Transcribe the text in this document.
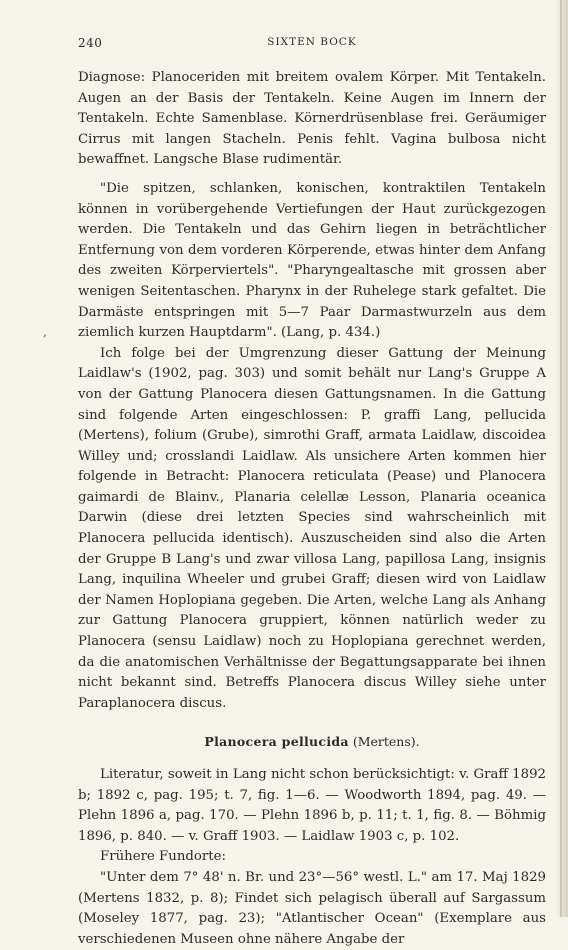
240	SIXTEN BOCK
,

Diagnose: Planoceriden mit breitem ovalem Körper. Mit Tentakeln. Augen an der Basis der Tentakeln. Keine Augen im Innern der Tentakeln. Echte Samenblase. Körnerdrüsenblase frei. Geräumiger Cirrus mit langen Stacheln. Penis fehlt. Vagina bulbosa nicht bewaffnet. Langsche Blase rudimentär.

"Die spitzen, schlanken, konischen, kontraktilen Tentakeln können in vorübergehende Vertiefungen der Haut zurückgezogen werden. Die Tentakeln und das Gehirn liegen in beträchtlicher Entfernung von dem vorderen Körperende, etwas hinter dem Anfang des zweiten Körperviertels". "Pharyngealtasche mit grossen aber wenigen Seitentaschen. Pharynx in der Ruhelege stark gefaltet. Die Darmäste entspringen mit 5—7 Paar Darmastwurzeln aus dem ziemlich kurzen Hauptdarm". (Lang, p. 434.)

Ich folge bei der Umgrenzung dieser Gattung der Meinung Laidlaw's (1902, pag. 303) und somit behält nur Lang's Gruppe A von der Gattung Planocera diesen Gattungsnamen. In die Gattung sind folgende Arten eingeschlossen: P. graffi Lang, pellucida (Mertens), folium (Grube), simrothi Graff, armata Laidlaw, discoidea Willey und; crosslandi Laidlaw. Als unsichere Arten kommen hier folgende in Betracht: Planocera reticulata (Pease) und Planocera gaimardi de Blainv., Planaria celellæ Lesson, Planaria oceanica Darwin (diese drei letzten Species sind wahrscheinlich mit Planocera pellucida identisch). Auszuscheiden sind also die Arten der Gruppe B Lang's und zwar villosa Lang, papillosa Lang, insignis Lang, inquilina Wheeler und grubei Graff; diesen wird von Laidlaw der Namen Hoplopiana gegeben. Die Arten, welche Lang als Anhang zur Gattung Planocera gruppiert, können natürlich weder zu Planocera (sensu Laidlaw) noch zu Hoplopiana gerechnet werden, da die anatomischen Verhältnisse der Begattungsapparate bei ihnen nicht bekannt sind. Betreffs Planocera discus Willey siehe unter Paraplanocera discus.

Planocera pellucida (Mertens).

Literatur, soweit in Lang nicht schon berücksichtigt: v. Graff 1892 b; 1892 c, pag. 195; t. 7, fig. 1—6. — Woodworth 1894, pag. 49. — Plehn 1896 a, pag. 170. — Plehn 1896 b, p. 11; t. 1, fig. 8. — Böhmig 1896, p. 840. — v. Graff 1903. — Laidlaw 1903 c, p. 102.

Frühere Fundorte:

"Unter dem 7° 48' n. Br. und 23°—56° westl. L." am 17. Maj 1829 (Mertens 1832, p. 8); Findet sich pelagisch überall auf Sargassum (Moseley 1877, pag. 23); "Atlantischer Ocean" (Exemplare aus verschiedenen Museen ohne nähere Angabe der
